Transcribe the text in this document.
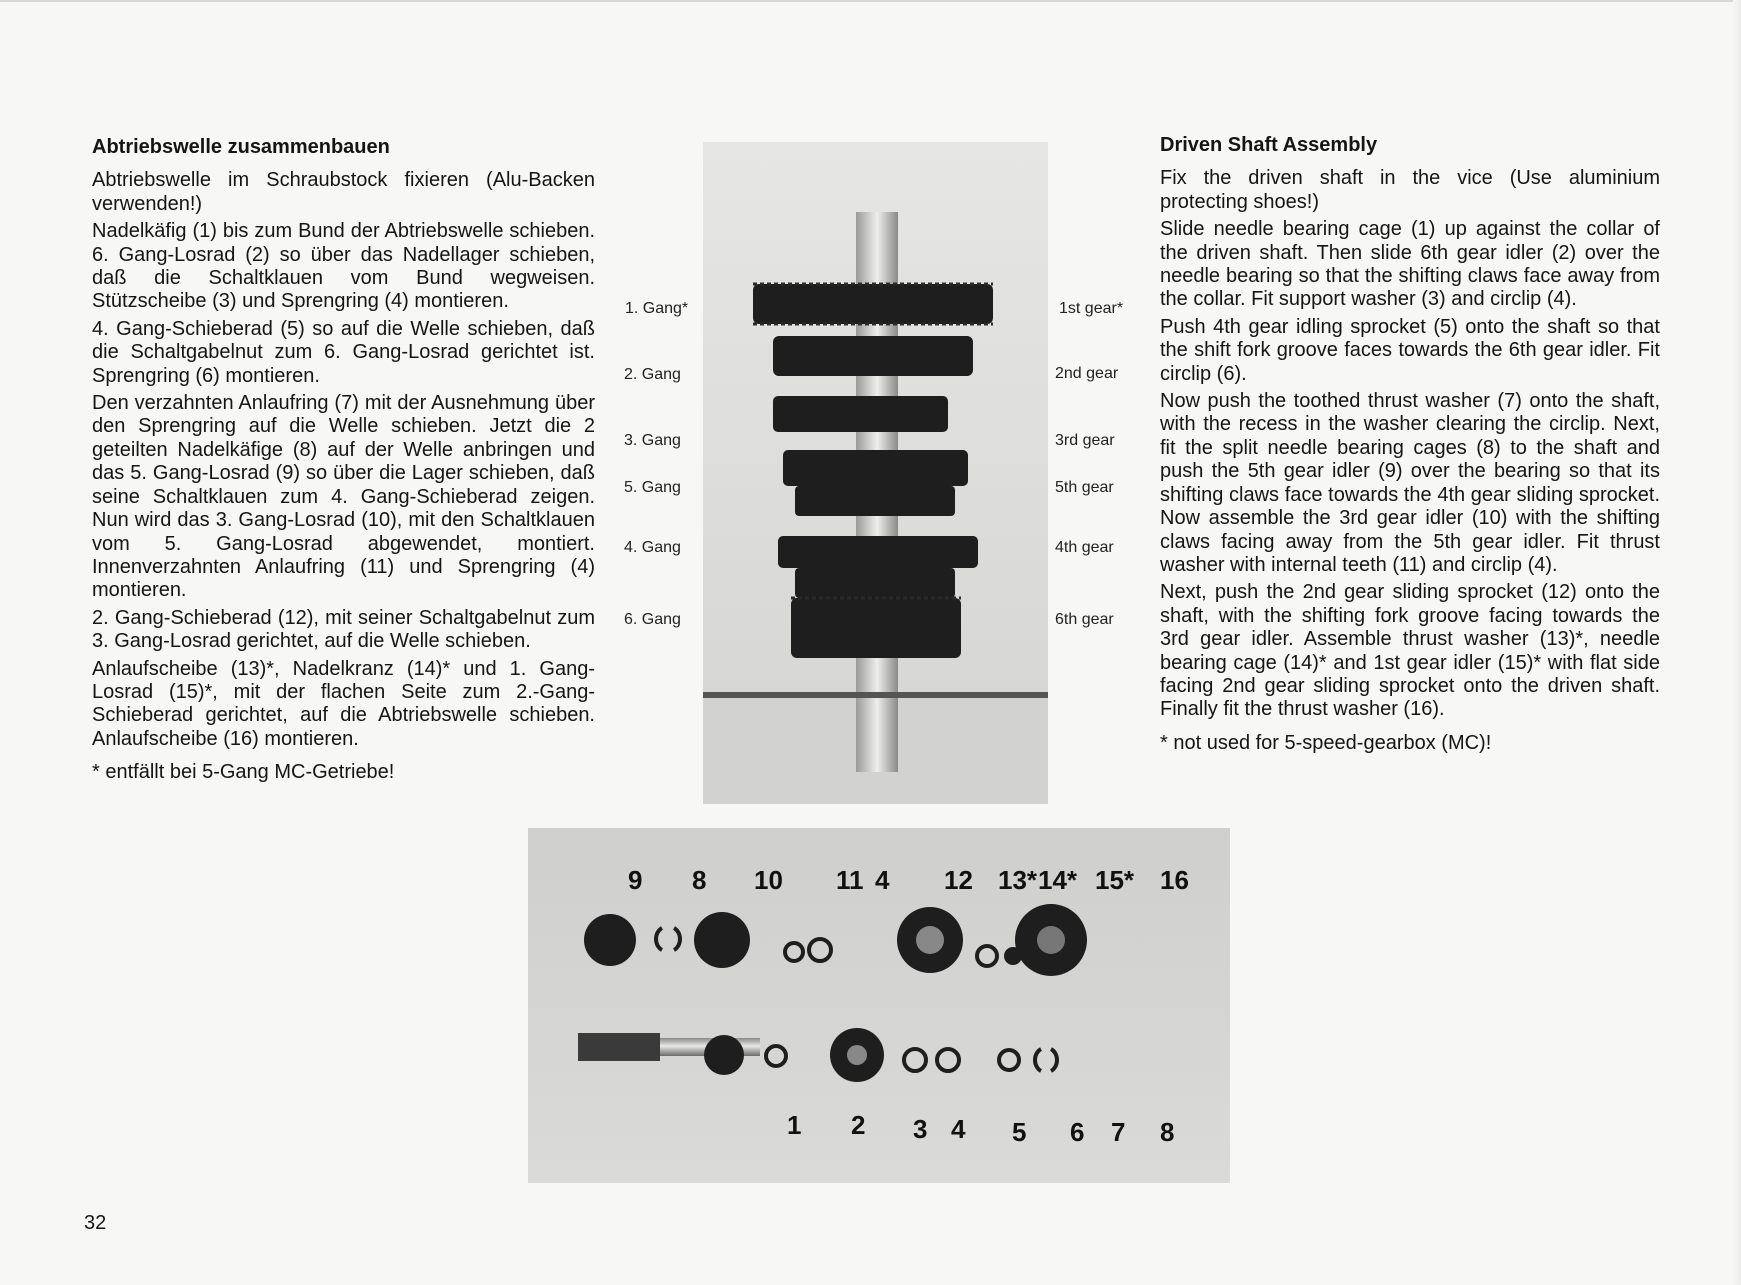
Abtriebswelle zusammenbauen

Abtriebswelle im Schraubstock fixieren (Alu-Backen verwenden!)

Nadelkäfig (1) bis zum Bund der Abtriebswelle schieben. 6. Gang-Losrad (2) so über das Nadellager schieben, daß die Schaltklauen vom Bund wegweisen. Stützscheibe (3) und Sprengring (4) montieren.

4. Gang-Schieberad (5) so auf die Welle schieben, daß die Schaltgabelnut zum 6. Gang-Losrad gerichtet ist. Sprengring (6) montieren.

Den verzahnten Anlaufring (7) mit der Ausnehmung über den Sprengring auf die Welle schieben. Jetzt die 2 geteilten Nadelkäfige (8) auf der Welle anbringen und das 5. Gang-Losrad (9) so über die Lager schieben, daß seine Schaltklauen zum 4. Gang-Schieberad zeigen. Nun wird das 3. Gang-Losrad (10), mit den Schaltklauen vom 5. Gang-Losrad abgewendet, montiert. Innenverzahnten Anlaufring (11) und Sprengring (4) montieren.

2. Gang-Schieberad (12), mit seiner Schaltgabelnut zum 3. Gang-Losrad gerichtet, auf die Welle schieben.

Anlaufscheibe (13)*, Nadelkranz (14)* und 1. Gang-Losrad (15)*, mit der flachen Seite zum 2.-Gang-Schieberad gerichtet, auf die Abtriebswelle schieben. Anlaufscheibe (16) montieren.

* entfällt bei 5-Gang MC-Getriebe!

Driven Shaft Assembly

Fix the driven shaft in the vice (Use aluminium protecting shoes!)

Slide needle bearing cage (1) up against the collar of the driven shaft. Then slide 6th gear idler (2) over the needle bearing so that the shifting claws face away from the collar. Fit support washer (3) and circlip (4).

Push 4th gear idling sprocket (5) onto the shaft so that the shift fork groove faces towards the 6th gear idler. Fit circlip (6).

Now push the toothed thrust washer (7) onto the shaft, with the recess in the washer clearing the circlip. Next, fit the split needle bearing cages (8) to the shaft and push the 5th gear idler (9) over the bearing so that its shifting claws face towards the 4th gear sliding sprocket. Now assemble the 3rd gear idler (10) with the shifting claws facing away from the 5th gear idler. Fit thrust washer with internal teeth (11) and circlip (4).

Next, push the 2nd gear sliding sprocket (12) onto the shaft, with the shifting fork groove facing towards the 3rd gear idler. Assemble thrust washer (13)*, needle bearing cage (14)* and 1st gear idler (15)* with flat side facing 2nd gear sliding sprocket onto the driven shaft. Finally fit the thrust washer (16).

* not used for 5-speed-gearbox (MC)!

1. Gang*
2. Gang
3. Gang
5. Gang
4. Gang
6. Gang
1st gear*
2nd gear
3rd gear
5th gear
4th gear
6th gear
9 8 10 11 4 12 13* 14* 15* 16
1 2 3 4 5 6 7 8
32
